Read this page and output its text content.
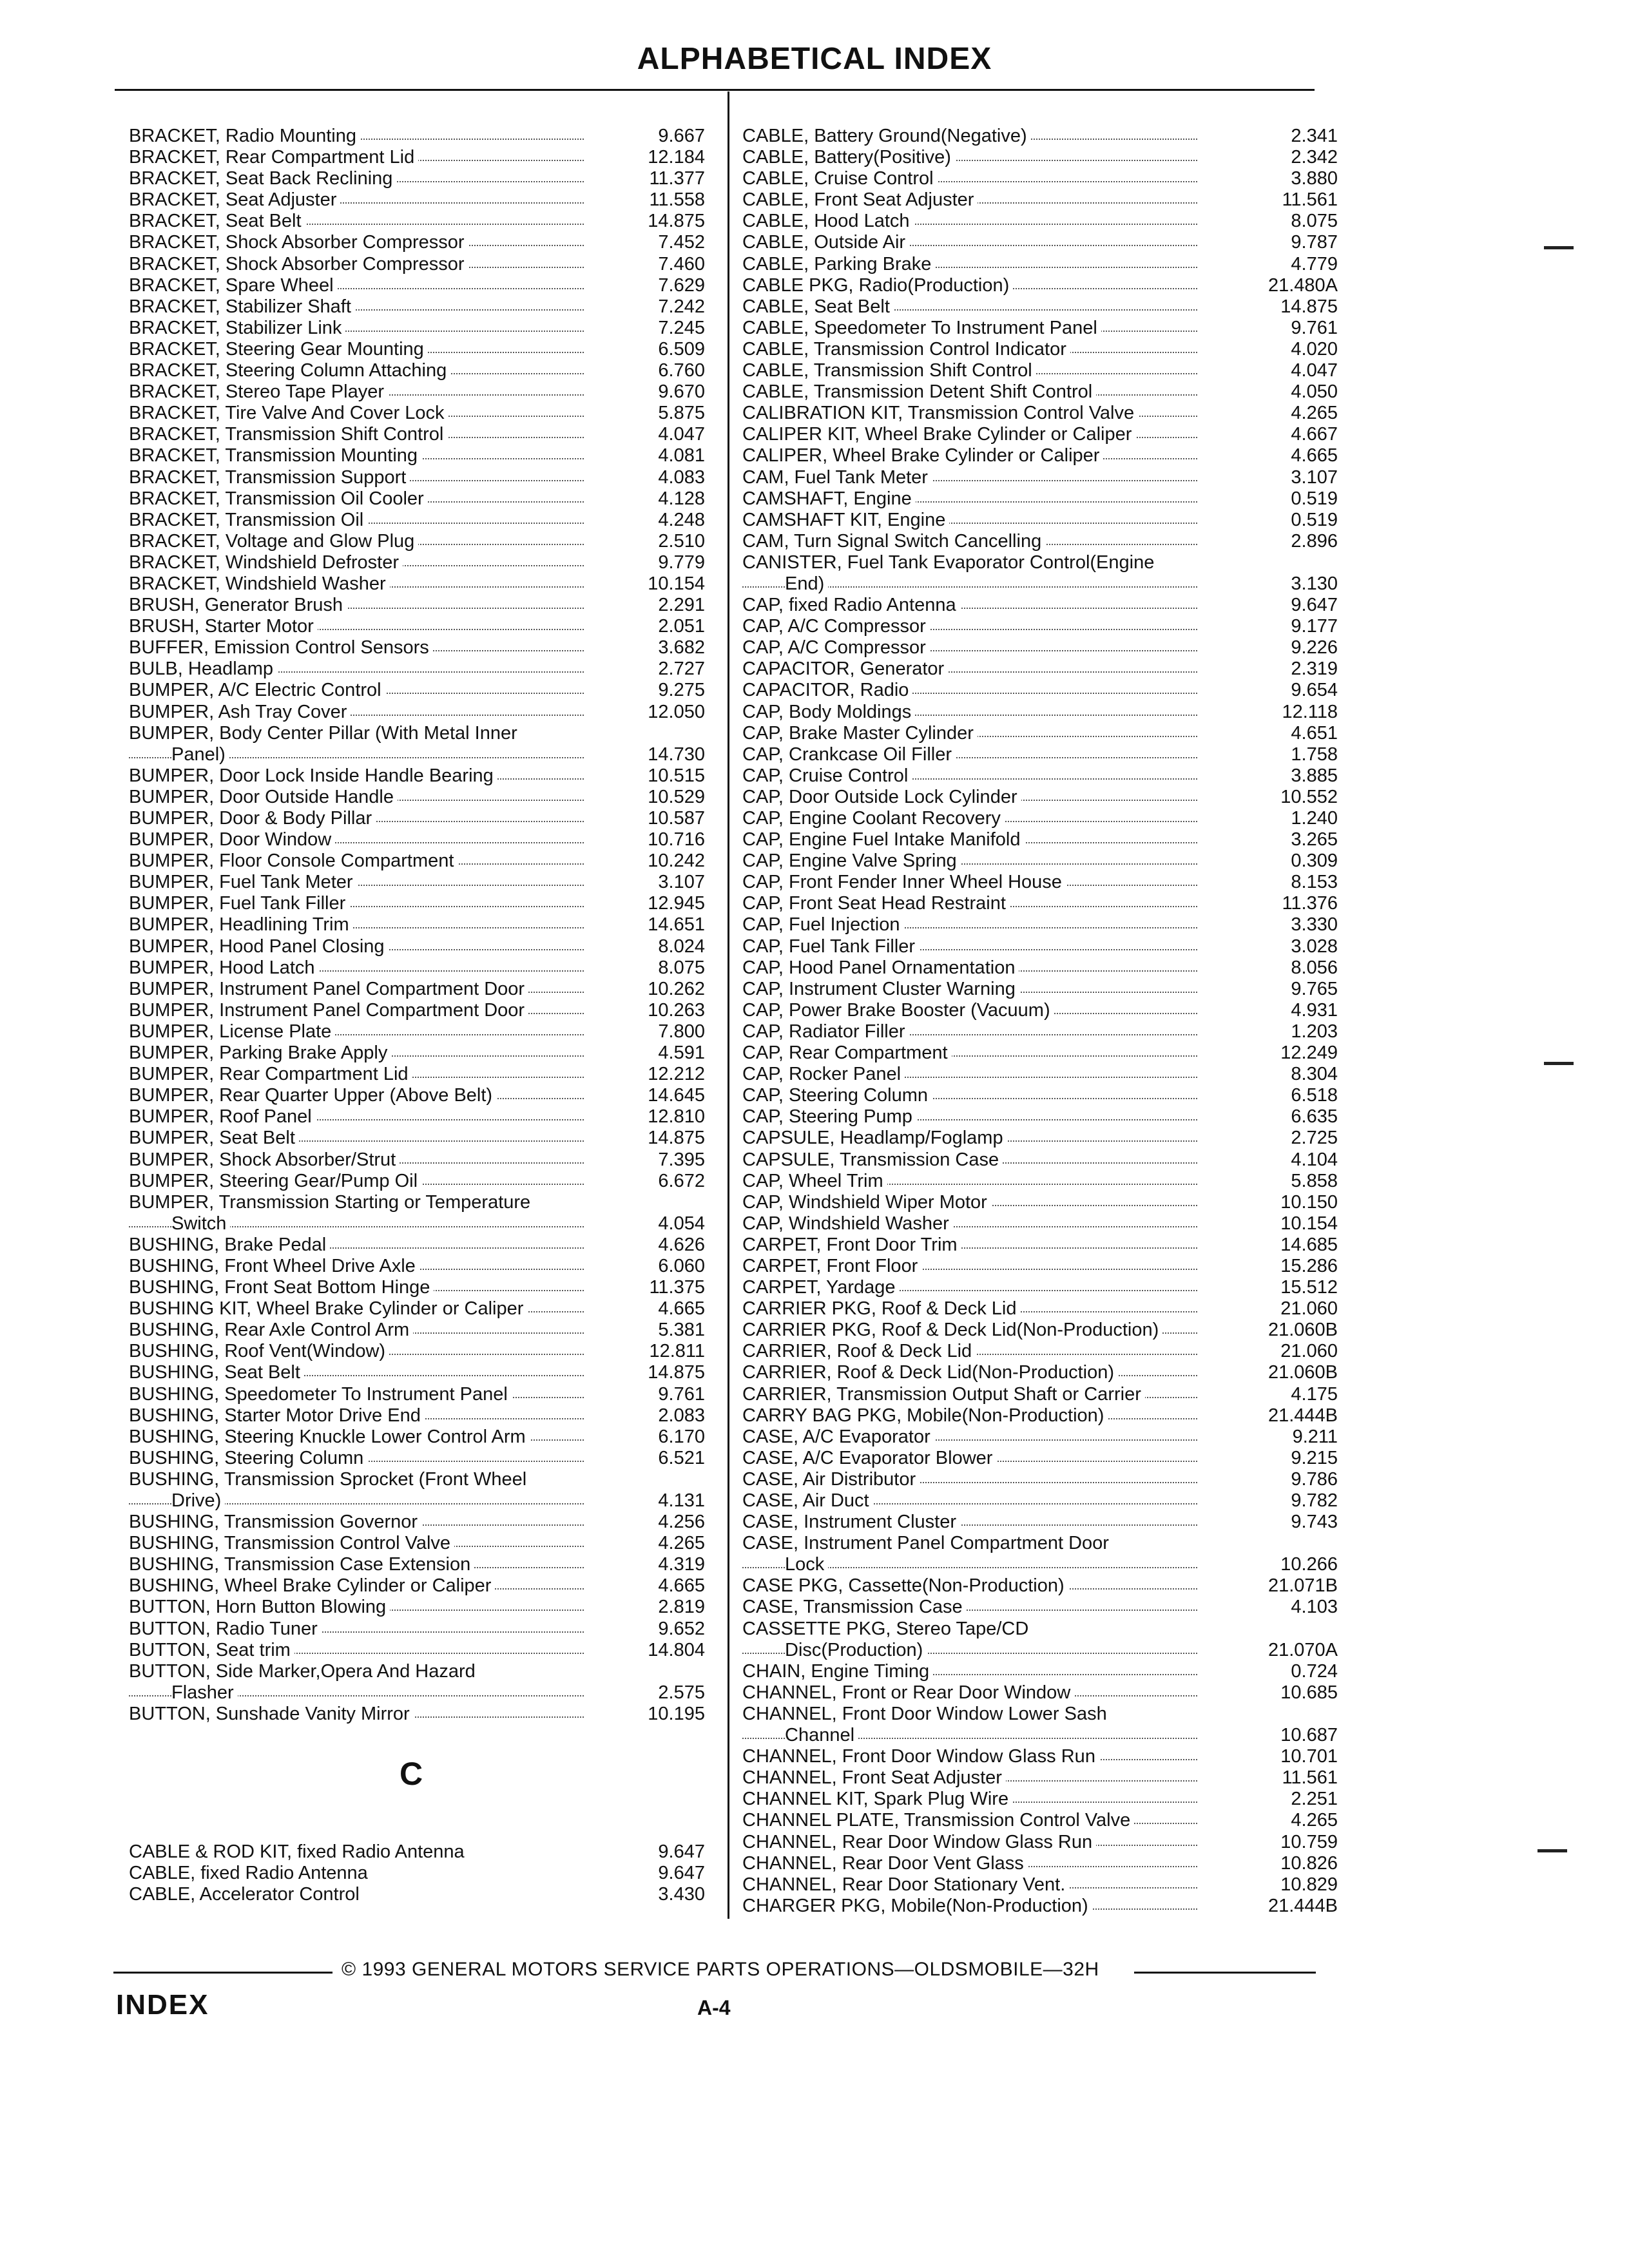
ALPHABETICAL INDEX
BRACKET, Radio Mounting	9.667
BRACKET, Rear Compartment Lid	12.184
BRACKET, Seat Back Reclining	11.377
BRACKET, Seat Adjuster	11.558
BRACKET, Seat Belt	14.875
BRACKET, Shock Absorber Compressor	7.452
BRACKET, Shock Absorber Compressor	7.460
BRACKET, Spare Wheel	7.629
BRACKET, Stabilizer Shaft	7.242
BRACKET, Stabilizer Link	7.245
BRACKET, Steering Gear Mounting	6.509
BRACKET, Steering Column Attaching	6.760
BRACKET, Stereo Tape Player	9.670
BRACKET, Tire Valve And Cover Lock	5.875
BRACKET, Transmission Shift Control	4.047
BRACKET, Transmission Mounting	4.081
BRACKET, Transmission Support	4.083
BRACKET, Transmission Oil Cooler	4.128
BRACKET, Transmission Oil	4.248
BRACKET, Voltage and Glow Plug	2.510
BRACKET, Windshield Defroster	9.779
BRACKET, Windshield Washer	10.154
BRUSH, Generator Brush	2.291
BRUSH, Starter Motor	2.051
BUFFER, Emission Control Sensors	3.682
BULB, Headlamp	2.727
BUMPER, A/C Electric Control	9.275
BUMPER, Ash Tray Cover	12.050
BUMPER, Body Center Pillar (With Metal Inner
Panel)	14.730
BUMPER, Door Lock Inside Handle Bearing	10.515
BUMPER, Door Outside Handle	10.529
BUMPER, Door & Body Pillar	10.587
BUMPER, Door Window	10.716
BUMPER, Floor Console Compartment	10.242
BUMPER, Fuel Tank Meter	3.107
BUMPER, Fuel Tank Filler	12.945
BUMPER, Headlining Trim	14.651
BUMPER, Hood Panel Closing	8.024
BUMPER, Hood Latch	8.075
BUMPER, Instrument Panel Compartment Door	10.262
BUMPER, Instrument Panel Compartment Door	10.263
BUMPER, License Plate	7.800
BUMPER, Parking Brake Apply	4.591
BUMPER, Rear Compartment Lid	12.212
BUMPER, Rear Quarter Upper (Above Belt)	14.645
BUMPER, Roof Panel	12.810
BUMPER, Seat Belt	14.875
BUMPER, Shock Absorber/Strut	7.395
BUMPER, Steering Gear/Pump Oil	6.672
BUMPER, Transmission Starting or Temperature
Switch	4.054
BUSHING, Brake Pedal	4.626
BUSHING, Front Wheel Drive Axle	6.060
BUSHING, Front Seat Bottom Hinge	11.375
BUSHING KIT, Wheel Brake Cylinder or Caliper	4.665
BUSHING, Rear Axle Control Arm	5.381
BUSHING, Roof Vent(Window)	12.811
BUSHING, Seat Belt	14.875
BUSHING, Speedometer To Instrument Panel	9.761
BUSHING, Starter Motor Drive End	2.083
BUSHING, Steering Knuckle Lower Control Arm	6.170
BUSHING, Steering Column	6.521
BUSHING, Transmission Sprocket (Front Wheel
Drive)	4.131
BUSHING, Transmission Governor	4.256
BUSHING, Transmission Control Valve	4.265
BUSHING, Transmission Case Extension	4.319
BUSHING, Wheel Brake Cylinder or Caliper	4.665
BUTTON, Horn Button Blowing	2.819
BUTTON, Radio Tuner	9.652
BUTTON, Seat trim	14.804
BUTTON, Side Marker,Opera And Hazard
Flasher	2.575
BUTTON, Sunshade Vanity Mirror	10.195
C
CABLE & ROD KIT, fixed Radio Antenna	9.647
CABLE, fixed Radio Antenna	9.647
CABLE, Accelerator Control	3.430
CABLE, Battery Ground(Negative)	2.341
CABLE, Battery(Positive)	2.342
CABLE, Cruise Control	3.880
CABLE, Front Seat Adjuster	11.561
CABLE, Hood Latch	8.075
CABLE, Outside Air	9.787
CABLE, Parking Brake	4.779
CABLE PKG, Radio(Production)	21.480A
CABLE, Seat Belt	14.875
CABLE, Speedometer To Instrument Panel	9.761
CABLE, Transmission Control Indicator	4.020
CABLE, Transmission Shift Control	4.047
CABLE, Transmission Detent Shift Control	4.050
CALIBRATION KIT, Transmission Control Valve	4.265
CALIPER KIT, Wheel Brake Cylinder or Caliper	4.667
CALIPER, Wheel Brake Cylinder or Caliper	4.665
CAM, Fuel Tank Meter	3.107
CAMSHAFT, Engine	0.519
CAMSHAFT KIT, Engine	0.519
CAM, Turn Signal Switch Cancelling	2.896
CANISTER, Fuel Tank Evaporator Control(Engine
End)	3.130
CAP, fixed Radio Antenna	9.647
CAP, A/C Compressor	9.177
CAP, A/C Compressor	9.226
CAPACITOR, Generator	2.319
CAPACITOR, Radio	9.654
CAP, Body Moldings	12.118
CAP, Brake Master Cylinder	4.651
CAP, Crankcase Oil Filler	1.758
CAP, Cruise Control	3.885
CAP, Door Outside Lock Cylinder	10.552
CAP, Engine Coolant Recovery	1.240
CAP, Engine Fuel Intake Manifold	3.265
CAP, Engine Valve Spring	0.309
CAP, Front Fender Inner Wheel House	8.153
CAP, Front Seat Head Restraint	11.376
CAP, Fuel Injection	3.330
CAP, Fuel Tank Filler	3.028
CAP, Hood Panel Ornamentation	8.056
CAP, Instrument Cluster Warning	9.765
CAP, Power Brake Booster (Vacuum)	4.931
CAP, Radiator Filler	1.203
CAP, Rear Compartment	12.249
CAP, Rocker Panel	8.304
CAP, Steering Column	6.518
CAP, Steering Pump	6.635
CAPSULE, Headlamp/Foglamp	2.725
CAPSULE, Transmission Case	4.104
CAP, Wheel Trim	5.858
CAP, Windshield Wiper Motor	10.150
CAP, Windshield Washer	10.154
CARPET, Front Door Trim	14.685
CARPET, Front Floor	15.286
CARPET, Yardage	15.512
CARRIER PKG, Roof & Deck Lid	21.060
CARRIER PKG, Roof & Deck Lid(Non-Production)	21.060B
CARRIER, Roof & Deck Lid	21.060
CARRIER, Roof & Deck Lid(Non-Production)	21.060B
CARRIER, Transmission Output Shaft or Carrier	4.175
CARRY BAG PKG, Mobile(Non-Production)	21.444B
CASE, A/C Evaporator	9.211
CASE, A/C Evaporator Blower	9.215
CASE, Air Distributor	9.786
CASE, Air Duct	9.782
CASE, Instrument Cluster	9.743
CASE, Instrument Panel Compartment Door
Lock	10.266
CASE PKG, Cassette(Non-Production)	21.071B
CASE, Transmission Case	4.103
CASSETTE PKG, Stereo Tape/CD
Disc(Production)	21.070A
CHAIN, Engine Timing	0.724
CHANNEL, Front or Rear Door Window	10.685
CHANNEL, Front Door Window Lower Sash
Channel	10.687
CHANNEL, Front Door Window Glass Run	10.701
CHANNEL, Front Seat Adjuster	11.561
CHANNEL KIT, Spark Plug Wire	2.251
CHANNEL PLATE, Transmission Control Valve	4.265
CHANNEL, Rear Door Window Glass Run	10.759
CHANNEL, Rear Door Vent Glass	10.826
CHANNEL, Rear Door Stationary Vent.	10.829
CHARGER PKG, Mobile(Non-Production)	21.444B
© 1993 GENERAL MOTORS SERVICE PARTS OPERATIONS—OLDSMOBILE—32H
INDEX	A-4
